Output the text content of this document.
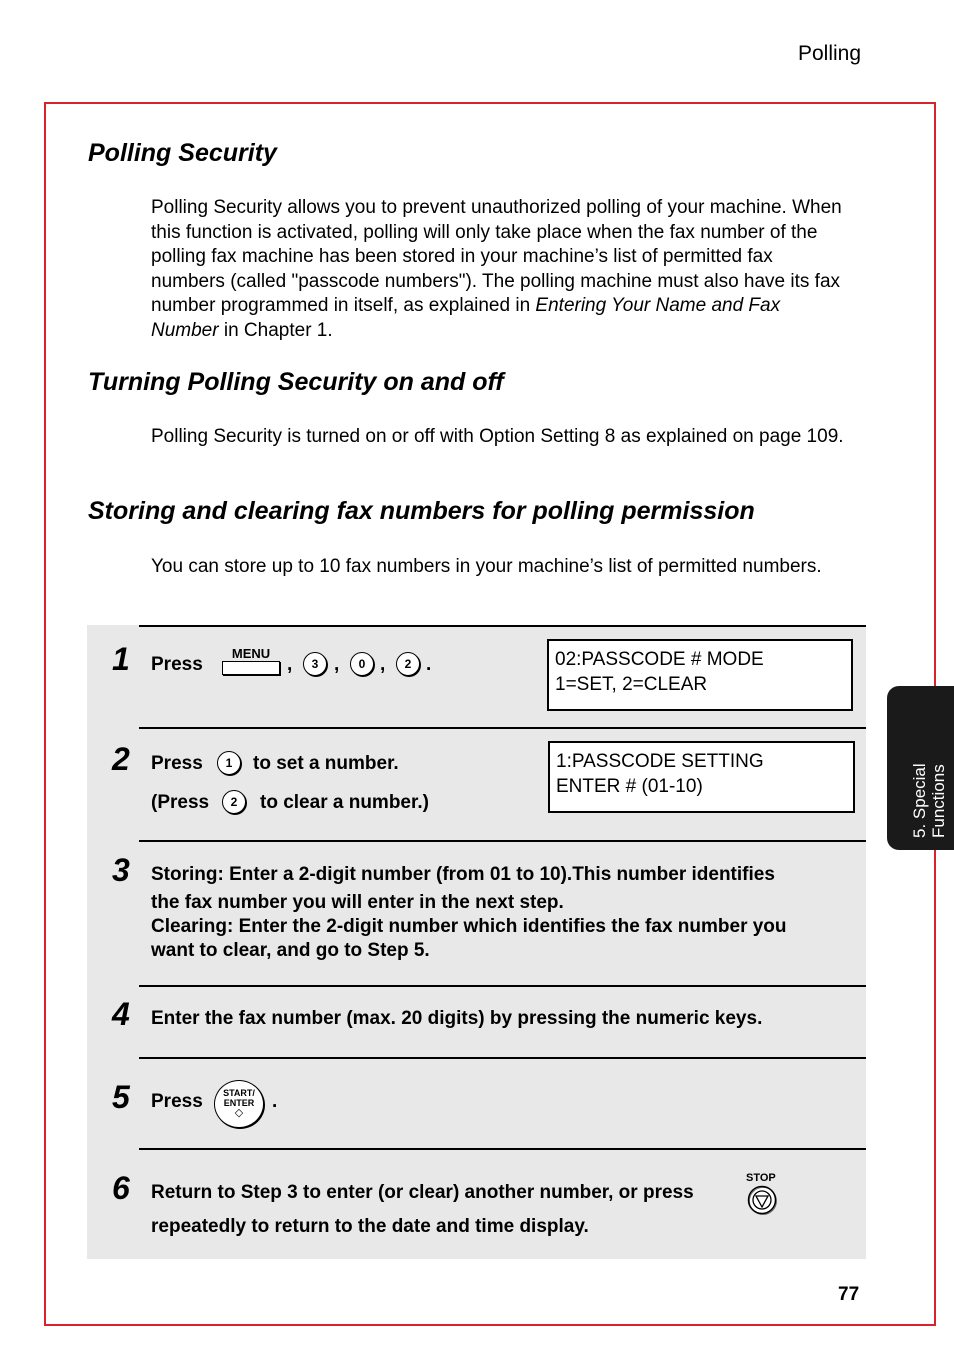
Polling
Polling Security
Polling Security allows you to prevent unauthorized polling of your machine. When this function is activated, polling will only take place when the fax number of the polling fax machine has been stored in your machine’s list of permitted fax numbers (called "passcode numbers"). The polling machine must also have its fax number programmed in itself, as explained in Entering Your Name and Fax Number in Chapter 1.
Turning Polling Security on and off
Polling Security is turned on or off with Option Setting 8 as explained on page 109.
Storing and clearing fax numbers for polling permission
You can store up to 10 fax numbers in your machine’s list of permitted numbers.
1 Press
MENU
,	3 ,	0 ,	2 .	02:PASSCODE # MODE
1=SET, 2=CLEAR
2 Press	1	to set a number.
(Press	2	to clear a number.)
1:PASSCODE SETTING
ENTER # (01-10)
3 Storing: Enter a 2-digit number (from 01 to 10).This number identifies
the fax number you will enter in the next step.
Clearing: Enter the 2-digit number which identifies the fax number you
want to clear, and go to Step 5.
4 Enter the fax number (max. 20 digits) by pressing the numeric keys.
5 Press	START/
ENTER
◇
.
6 Return to Step 3 to enter (or clear) another number, or press
repeatedly to return to the date and time display.
STOP
5. Special
Functions
77
